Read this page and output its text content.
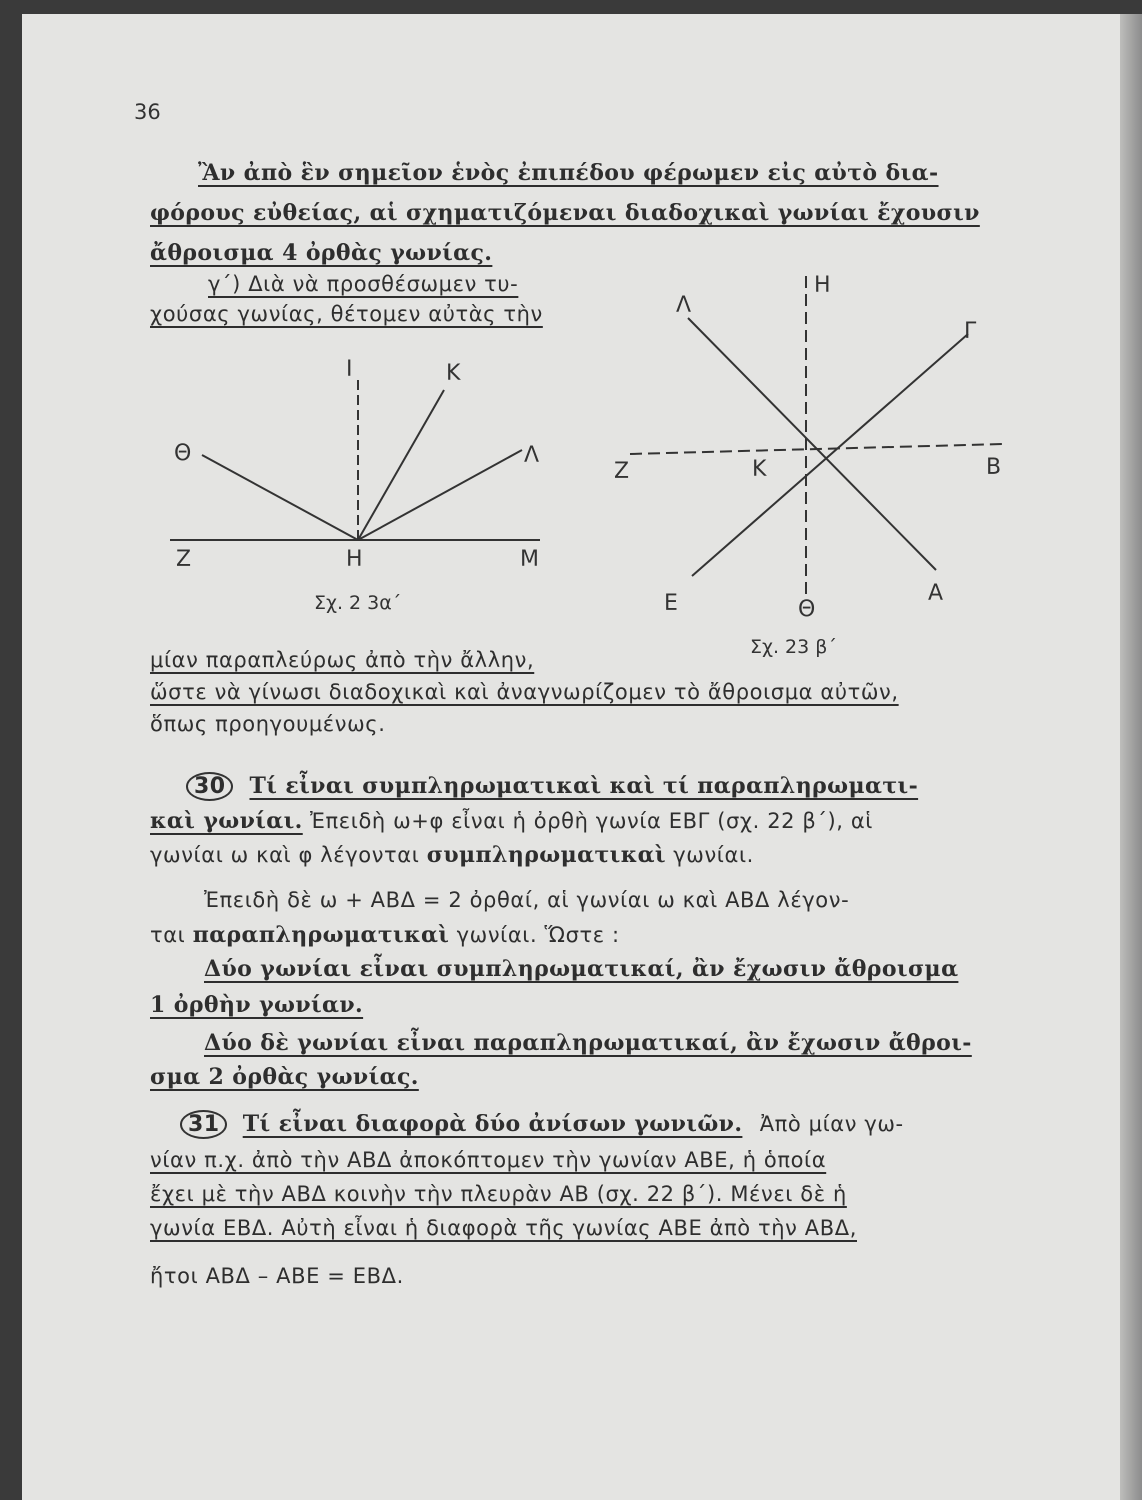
36
Ἂν ἀπὸ ἓν σημεῖον ἑνὸς ἐπιπέδου φέρωμεν εἰς αὐτὸ δια-
φόρους εὐθείας, αἱ σχηματιζόμεναι διαδοχικαὶ γωνίαι ἔχουσιν
ἄθροισμα 4 ὀρθὰς γωνίας.
γ΄) Διὰ νὰ προσθέσωμεν τυ-
χούσας γωνίας, θέτομεν αὐτὰς τὴν
Ι	Κ
Θ	Λ
Ζ	Η	Μ
Σχ. 2 3α΄
Η
Λ
Γ
Ζ	Κ	Β
Ε	Θ
Α
Σχ. 23 β΄
μίαν παραπλεύρως ἀπὸ τὴν ἄλλην,
ὥστε νὰ γίνωσι διαδοχικαὶ καὶ ἀναγνωρίζομεν τὸ ἄθροισμα αὐτῶν,
ὅπως προηγουμένως.
30 Τί εἶναι συμπληρωματικαὶ καὶ τί παραπληρωματι-
καὶ γωνίαι. Ἐπειδὴ ω+φ εἶναι ἡ ὀρθὴ γωνία ΕΒΓ (σχ. 22 β΄), αἱ
γωνίαι ω καὶ φ λέγονται συμπληρωματικαὶ γωνίαι.
Ἐπειδὴ δὲ ω + ΑΒΔ = 2 ὀρθαί, αἱ γωνίαι ω καὶ ΑΒΔ λέγον-
ται παραπληρωματικαὶ γωνίαι. Ὥστε :
Δύο γωνίαι εἶναι συμπληρωματικαί, ἂν ἔχωσιν ἄθροισμα
1 ὀρθὴν γωνίαν.
Δύο δὲ γωνίαι εἶναι παραπληρωματικαί, ἂν ἔχωσιν ἄθροι-
σμα 2 ὀρθὰς γωνίας.
31 Τί εἶναι διαφορὰ δύο ἀνίσων γωνιῶν. Ἀπὸ μίαν γω-
νίαν π.χ. ἀπὸ τὴν ΑΒΔ ἀποκόπτομεν τὴν γωνίαν ΑΒΕ, ἡ ὁποία
ἔχει μὲ τὴν ΑΒΔ κοινὴν τὴν πλευρὰν ΑΒ (σχ. 22 β΄). Μένει δὲ ἡ
γωνία ΕΒΔ. Αὐτὴ εἶναι ἡ διαφορὰ τῆς γωνίας ΑΒΕ ἀπὸ τὴν ΑΒΔ,
ἤτοι ΑΒΔ – ΑΒΕ = ΕΒΔ.
